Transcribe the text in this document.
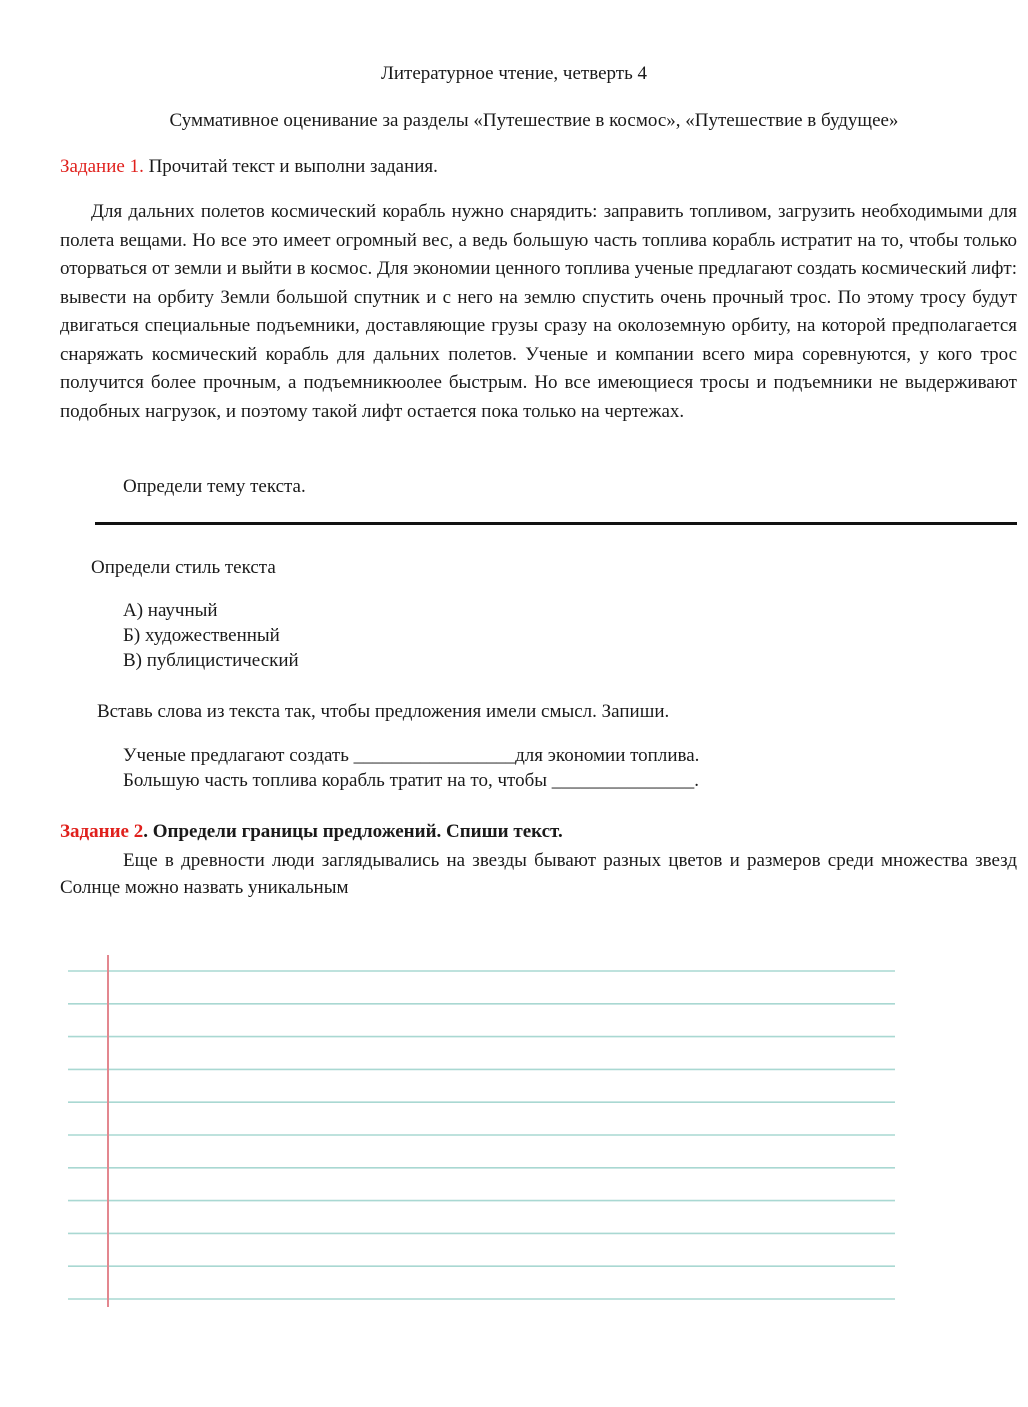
Литературное чтение, четверть 4
Суммативное оценивание за разделы «Путешествие в космос», «Путешествие в будущее»
Задание 1. Прочитай текст и выполни задания.
Для дальних полетов космический корабль нужно снарядить: заправить топливом, загрузить необходимыми для полета вещами. Но все это имеет огромный вес, а ведь большую часть топлива корабль истратит на то, чтобы только оторваться от земли и выйти в космос. Для экономии ценного топлива ученые предлагают создать космический лифт: вывести на орбиту Земли большой спутник и с него на землю спустить очень прочный трос. По этому тросу будут двигаться специальные подъемники, доставляющие грузы сразу на околоземную орбиту, на которой предполагается снаряжать космический корабль для дальних полетов. Ученые и компании всего мира соревнуются, у кого трос получится более прочным, а подъемникюолее быстрым. Но все имеющиеся тросы и подъемники не выдерживают подобных нагрузок, и поэтому такой лифт остается пока только на чертежах.
Определи тему текста.
Определи стиль текста
А) научный
Б) художественный
В) публицистический
Вставь слова из текста так, чтобы предложения имели смысл. Запиши.
Ученые предлагают создать _________________для экономии топлива.
Большую часть топлива корабль тратит на то, чтобы _______________.
Задание 2. Определи границы предложений. Спиши текст.
Еще в древности люди заглядывались на звезды бывают разных цветов и размеров среди множества звезд Солнце можно назвать уникальным
